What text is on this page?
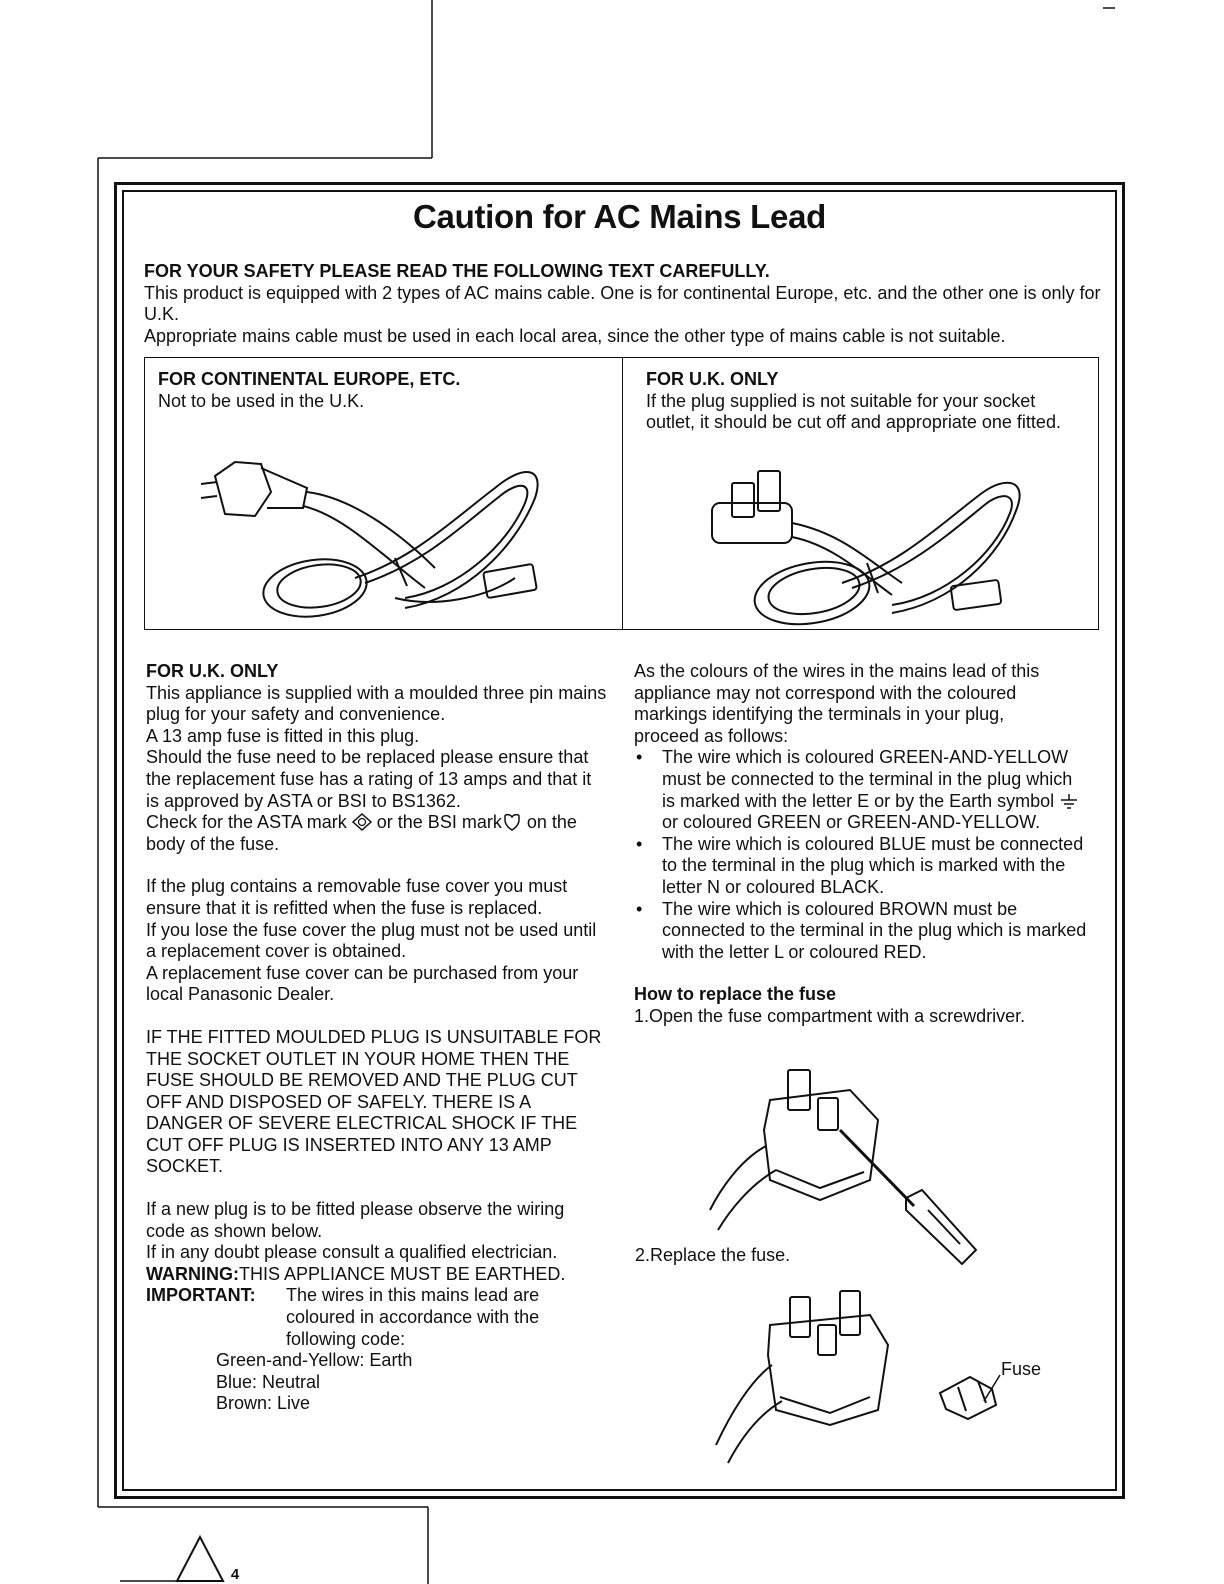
Caution for AC Mains Lead

FOR YOUR SAFETY PLEASE READ THE FOLLOWING TEXT CAREFULLY.

This product is equipped with 2 types of AC mains cable. One is for continental Europe, etc. and the other one is only for U.K.

Appropriate mains cable must be used in each local area, since the other type of mains cable is not suitable.

FOR CONTINENTAL EUROPE, ETC.

Not to be used in the U.K.

FOR U.K. ONLY

If the plug supplied is not suitable for your socket outlet, it should be cut off and appropriate one fitted.

FOR U.K. ONLY

This appliance is supplied with a moulded three pin mains plug for your safety and convenience.

A 13 amp fuse is fitted in this plug.

Should the fuse need to be replaced please ensure that the replacement fuse has a rating of 13 amps and that it is approved by ASTA or BSI to BS1362.

Check for the ASTA mark or the BSI mark on the body of the fuse.

If the plug contains a removable fuse cover you must ensure that it is refitted when the fuse is replaced.

If you lose the fuse cover the plug must not be used until a replacement cover is obtained.

A replacement fuse cover can be purchased from your local Panasonic Dealer.

IF THE FITTED MOULDED PLUG IS UNSUITABLE FOR THE SOCKET OUTLET IN YOUR HOME THEN THE FUSE SHOULD BE REMOVED AND THE PLUG CUT OFF AND DISPOSED OF SAFELY. THERE IS A DANGER OF SEVERE ELECTRICAL SHOCK IF THE CUT OFF PLUG IS INSERTED INTO ANY 13 AMP SOCKET.

If a new plug is to be fitted please observe the wiring code as shown below.

If in any doubt please consult a qualified electrician.

WARNING:THIS APPLIANCE MUST BE EARTHED.

IMPORTANT:	The wires in this mains lead are coloured in accordance with the following code:

Green-and-Yellow: Earth

Blue: Neutral

Brown: Live

As the colours of the wires in the mains lead of this appliance may not correspond with the coloured markings identifying the terminals in your plug, proceed as follows:

• The wire which is coloured GREEN-AND-YELLOW must be connected to the terminal in the plug which is marked with the letter E or by the Earth symbol  or coloured GREEN or GREEN-AND-YELLOW.
• The wire which is coloured BLUE must be connected to the terminal in the plug which is marked with the letter N or coloured BLACK.
• The wire which is coloured BROWN must be connected to the terminal in the plug which is marked with the letter L or coloured RED.

How to replace the fuse

1.Open the fuse compartment with a screwdriver.

2.Replace the fuse.
Fuse
4
